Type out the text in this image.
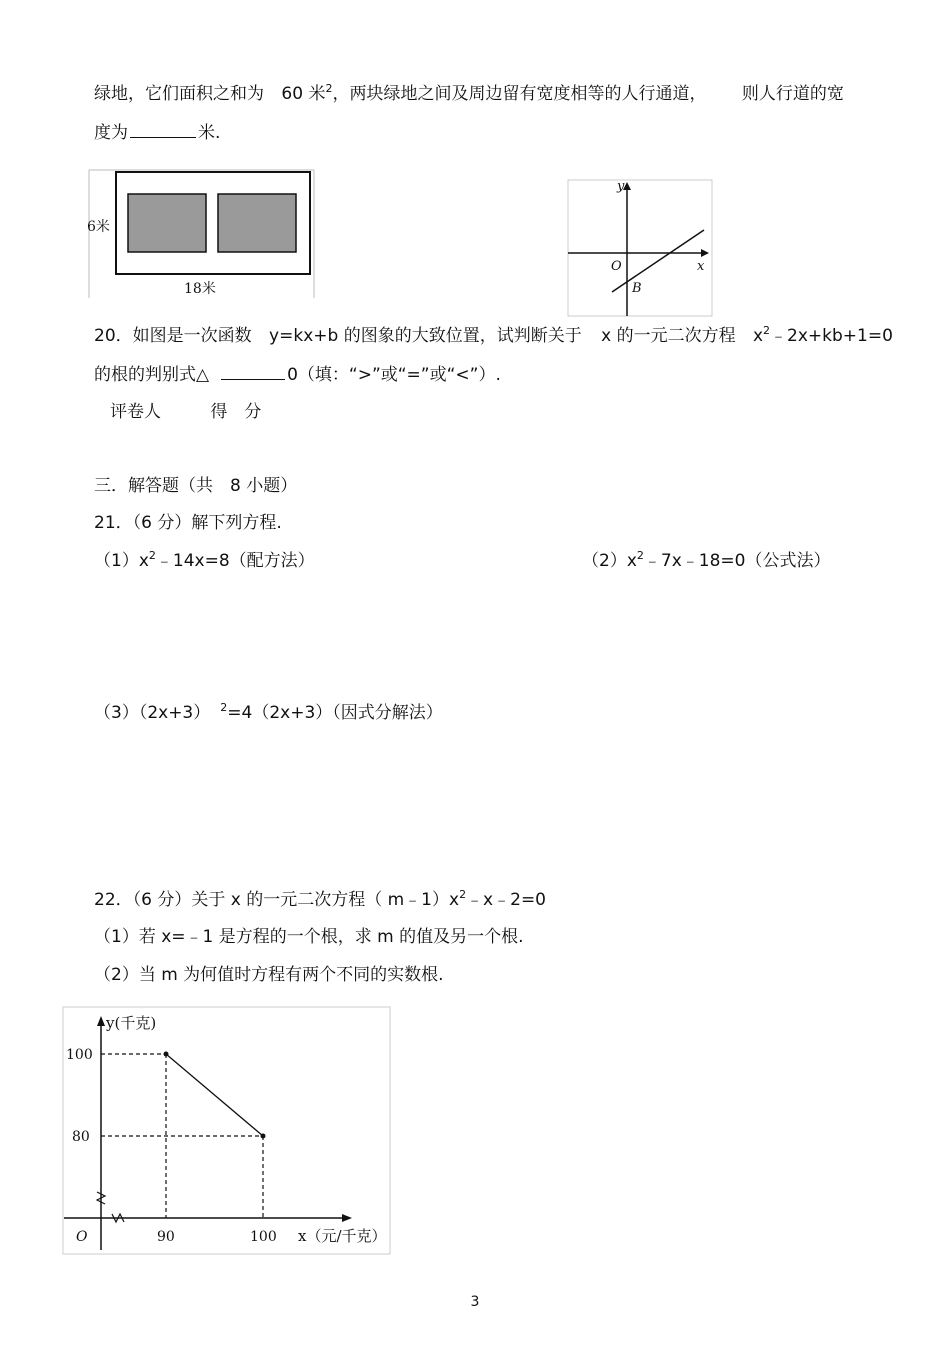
绿地，它们面积之和为 60 米$^2$，两块绿地之间及周边留有宽度相等的人行通道， 则人行道的宽
度为	米.
6米
18米
y
x
O
B
20．如图是一次函数 y=kx+b 的图象的大致位置，试判断关于 x 的一元二次方程 $x^2﹣2x+kb+1=0$
的根的判别式△	0（填：“>”或“=”或“<”）.
评卷人	得　分
三．解答题（共　8 小题）
21．（6 分）解下列方程.
$(1)x^2﹣14x=8$（配方法）	$(2)x^2﹣7x﹣18=0$（公式法）
（3）（2x+3） $^2$=4（2x+3）（因式分解法）
22．（6 分）关于 x 的一元二次方程（ $m﹣1)x^2﹣x﹣2=0$
（1）若 x=﹣1 是方程的一个根，求 m 的值及另一个根.
（2）当 m 为何值时方程有两个不同的实数根.
y(千克)
100
80
90	100
O	x（元/千克）
3
